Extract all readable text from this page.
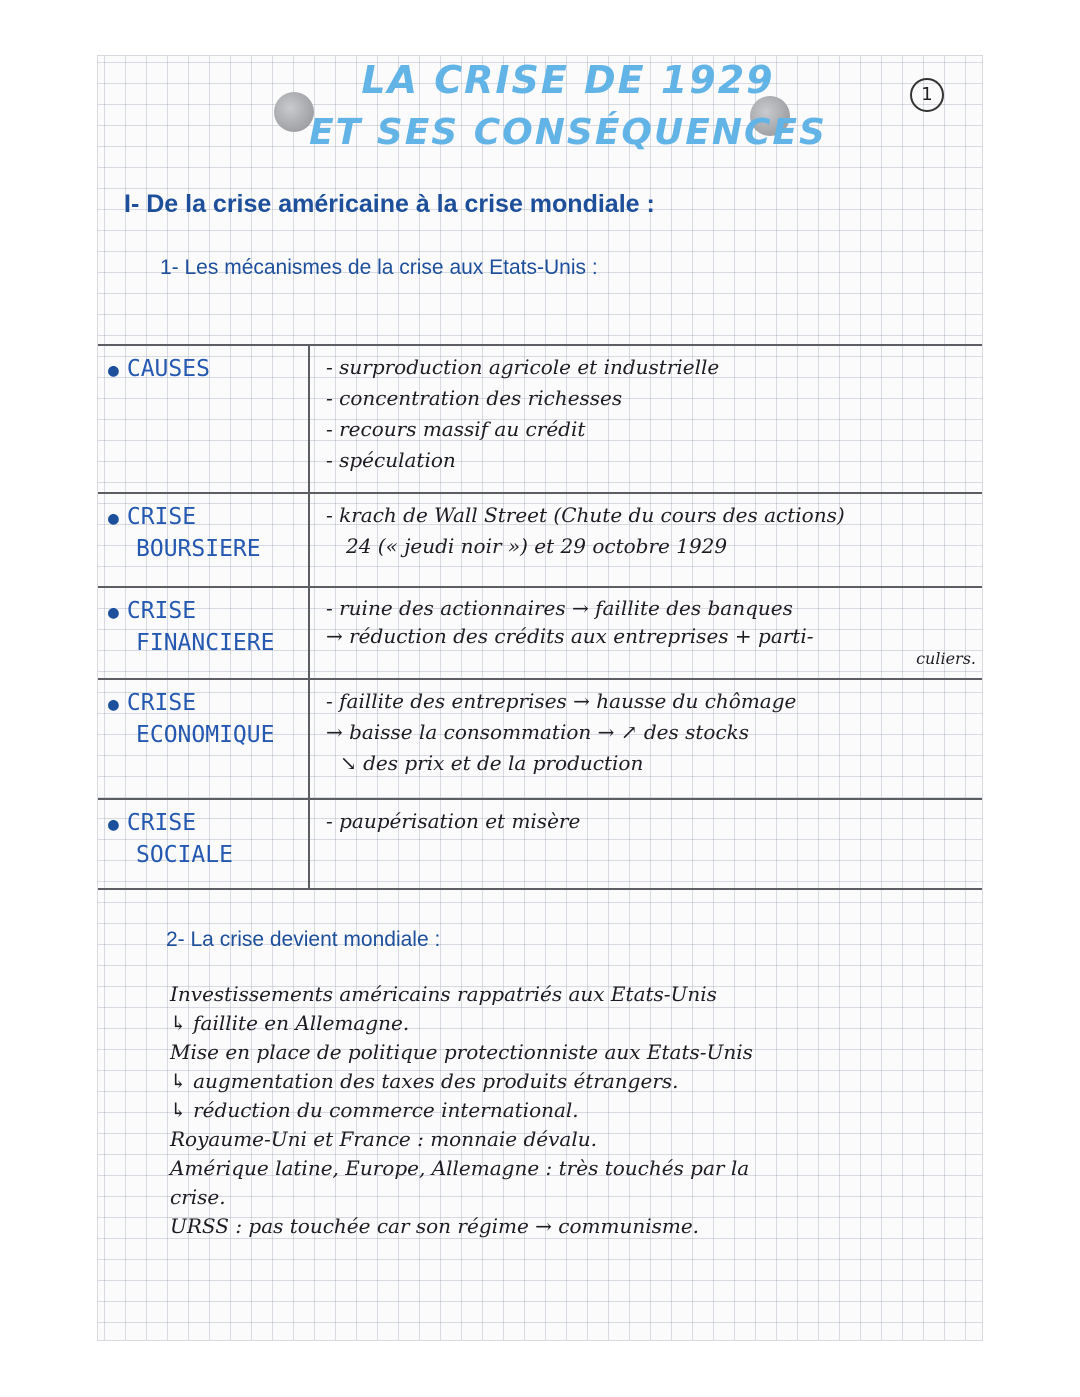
LA CRISE DE 1929
ET SES CONSÉQUENCES
1
I- De la crise américaine à la crise mondiale :
1- Les mécanismes de la crise aux Etats-Unis :
● CAUSES	- surproduction agricole et industrielle
- concentration des richesses
- recours massif au crédit
- spéculation
● CRISE
BOURSIERE
- krach de Wall Street (Chute du cours des actions)
24 (« jeudi noir ») et 29 octobre 1929
● CRISE
FINANCIERE
- ruine des actionnaires → faillite des banques
→ réduction des crédits aux entreprises + parti-
culiers.
● CRISE
ECONOMIQUE
- faillite des entreprises → hausse du chômage
→ baisse la consommation → ↗ des stocks
↘ des prix et de la production
● CRISE
SOCIALE
- paupérisation et misère
2- La crise devient mondiale :
Investissements américains rappatriés aux Etats-Unis
↳ faillite en Allemagne.
Mise en place de politique protectionniste aux Etats-Unis
↳ augmentation des taxes des produits étrangers.
↳ réduction du commerce international.
Royaume-Uni et France : monnaie dévalu.
Amérique latine, Europe, Allemagne : très touchés par la
crise.
URSS : pas touchée car son régime → communisme.
